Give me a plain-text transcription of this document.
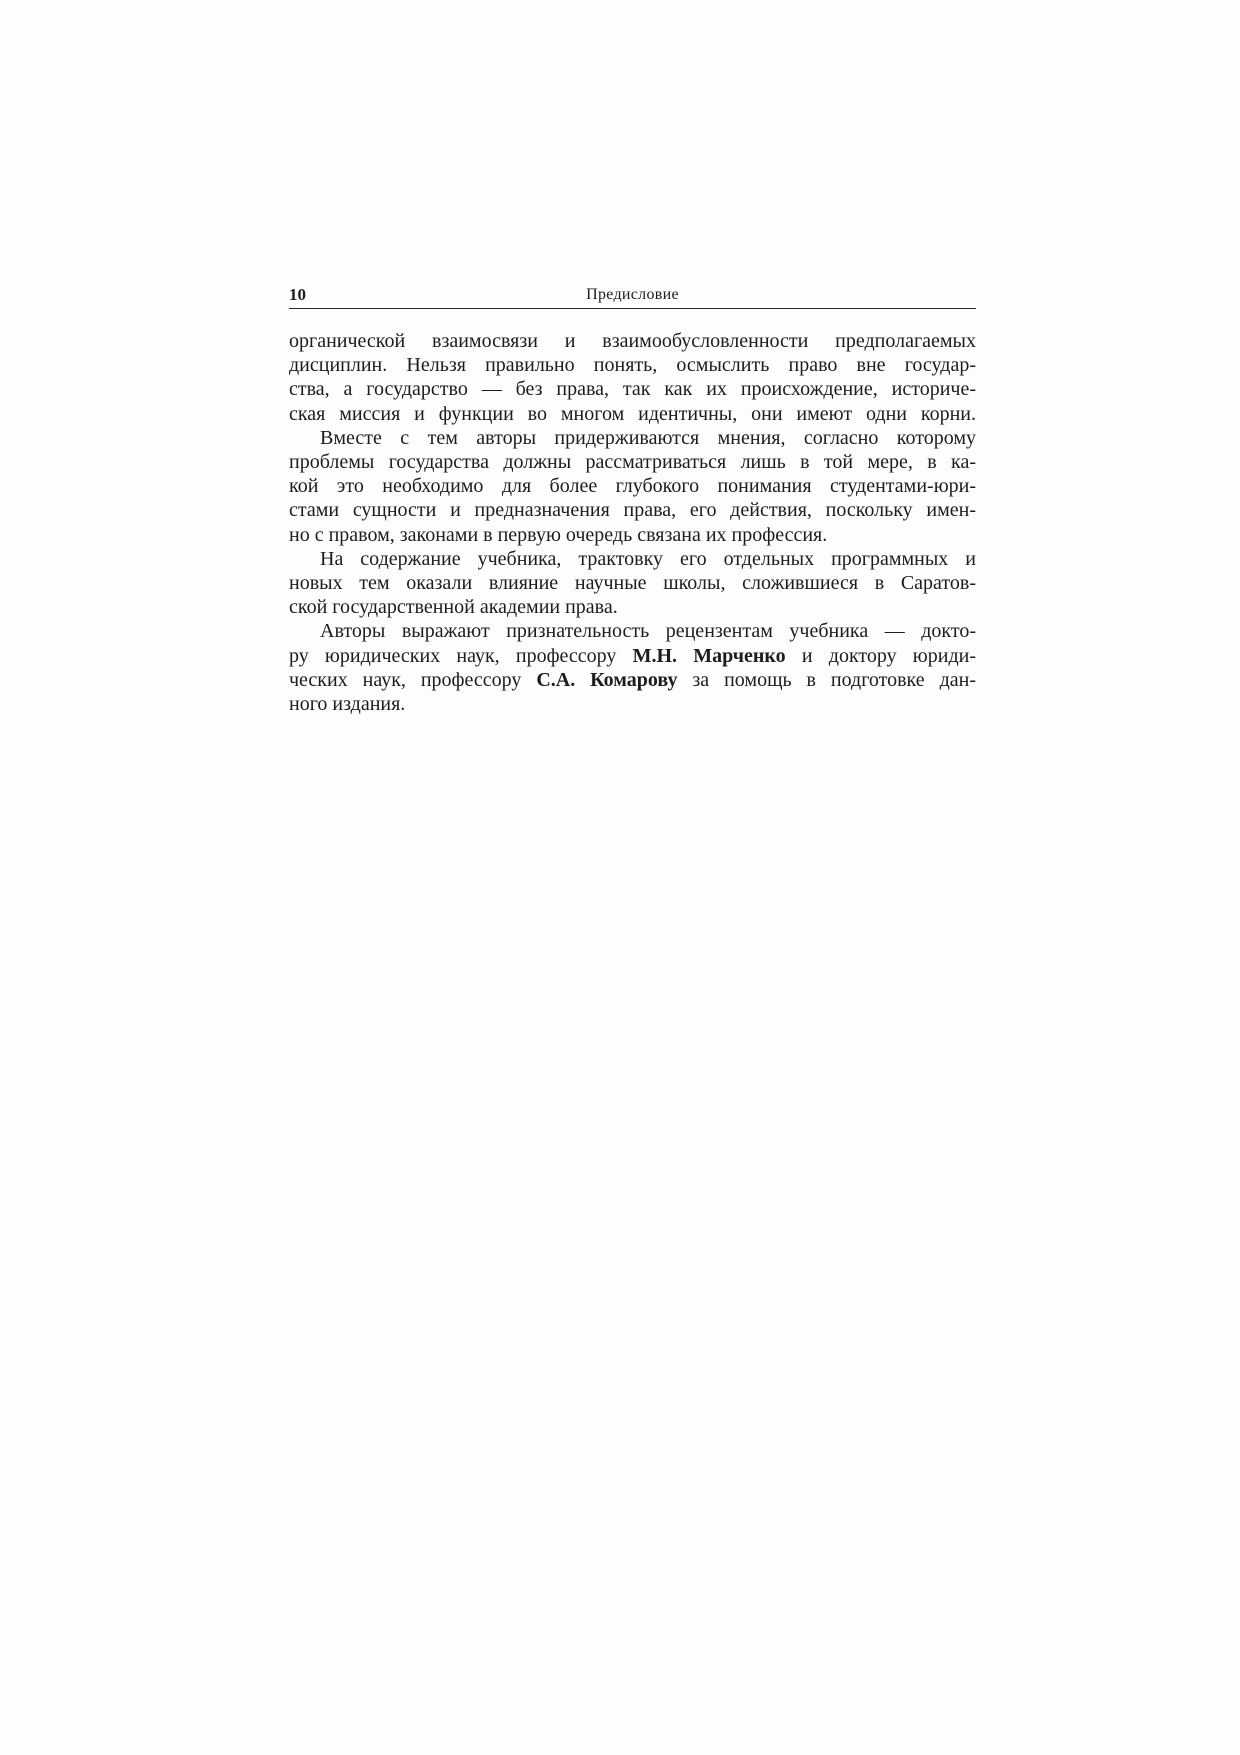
10	Предисловие
органической взаимосвязи и взаимообусловленности предполагаемых
дисциплин. Нельзя правильно понять, осмыслить право вне государ-
ства, а государство — без права, так как их происхождение, историче-
ская миссия и функции во многом идентичны, они имеют одни корни.
Вместе с тем авторы придерживаются мнения, согласно которому
проблемы государства должны рассматриваться лишь в той мере, в ка-
кой это необходимо для более глубокого понимания студентами-юри-
стами сущности и предназначения права, его действия, поскольку имен-
но с правом, законами в первую очередь связана их профессия.
На содержание учебника, трактовку его отдельных программных и
новых тем оказали влияние научные школы, сложившиеся в Саратов-
ской государственной академии права.
Авторы выражают признательность рецензентам учебника — докто-
ру юридических наук, профессору М.Н. Марченко и доктору юриди-
ческих наук, профессору С.А. Комарову за помощь в подготовке дан-
ного издания.
